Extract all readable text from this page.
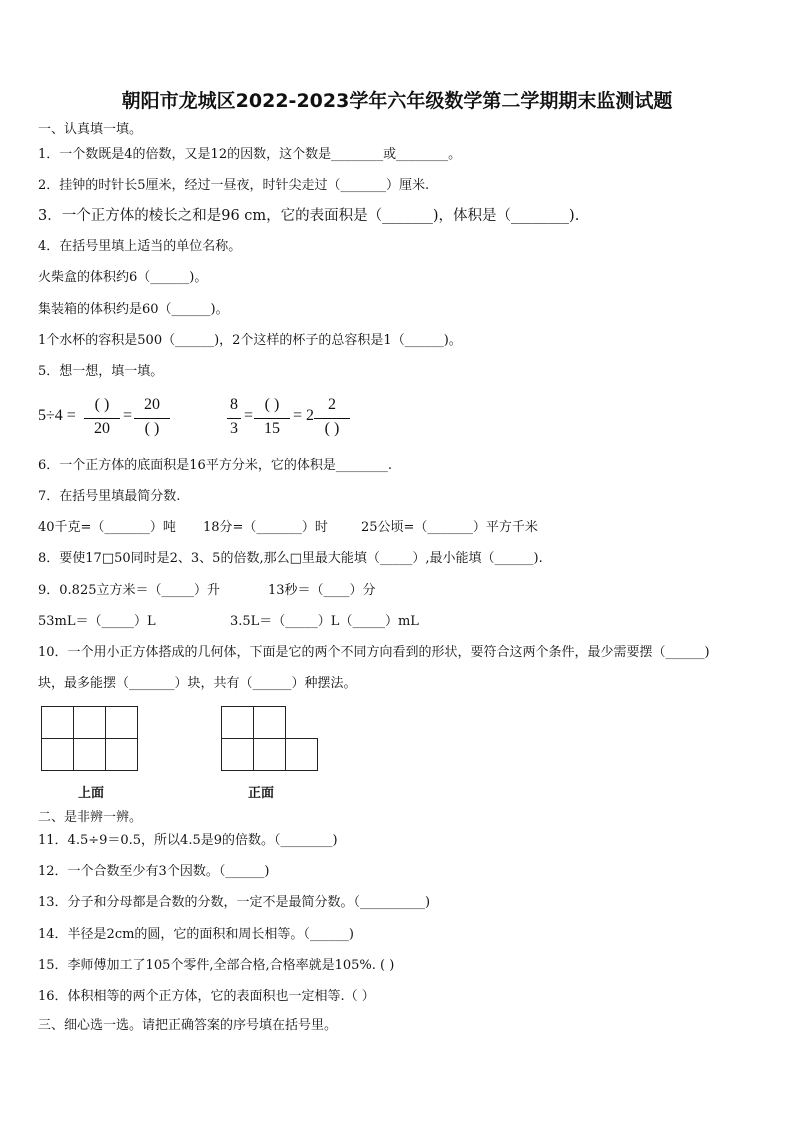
朝阳市龙城区2022-2023学年六年级数学第二学期期末监测试题
一、认真填一填。
1．一个数既是4的倍数，又是12的因数，这个数是________或________。
2．挂钟的时针长5厘米，经过一昼夜，时针尖走过（_______）厘米.
3．一个正方体的棱长之和是96 cm，它的表面积是（_______)，体积是（________).
4．在括号里填上适当的单位名称。
火柴盒的体积约6（______)。
集装箱的体积约是60（______)。
1个水杯的容积是500（______)，2个这样的杯子的总容积是1（______)。
5．想一想，填一填。
5÷4 =
( )
20
=
20
( )
8
3
=
( )
15
= 2
2
( )
6．一个正方体的底面积是16平方分米，它的体积是________.
7．在括号里填最简分数.
40千克=（_______）吨 18分=（_______）时	25公顷=（_______）平方千米
8．要使17□50同时是2、3、5的倍数,那么□里最大能填（_____）,最小能填（______).
9．0.825立方米＝（_____）升	13秒＝（____）分
53mL＝（_____）L	3.5L＝（_____）L（_____）mL
10．一个用小正方体搭成的几何体，下面是它的两个不同方向看到的形状，要符合这两个条件，最少需要摆（______)
块，最多能摆（_______）块，共有（______）种摆法。
上面	正面
二、是非辨一辨。
11．4.5÷9＝0.5，所以4.5是9的倍数。（________)
12．一个合数至少有3个因数。（______)
13．分子和分母都是合数的分数，一定不是最简分数。（__________)
14．半径是2cm的圆，它的面积和周长相等。（______)
15．李师傅加工了105个零件,全部合格,合格率就是105%. ( )
16．体积相等的两个正方体，它的表面积也一定相等.（ ）
三、细心选一选。请把正确答案的序号填在括号里。
